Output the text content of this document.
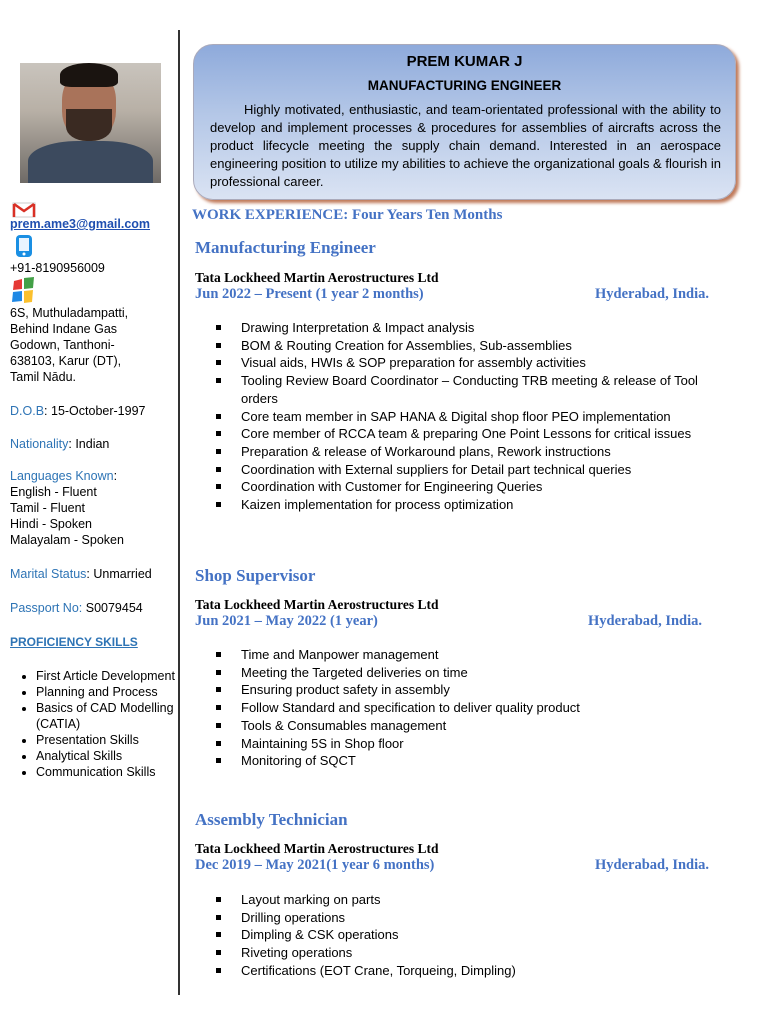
prem.ame3@gmail.com
+91-8190956009
6S, Muthuladampatti,
Behind Indane Gas
Godown, Tanthoni-
638103, Karur (DT),
Tamil Nādu.
D.O.B: 15-October-1997
Nationality: Indian
Languages Known:
English - Fluent
Tamil - Fluent
Hindi - Spoken
Malayalam - Spoken
Marital Status: Unmarried
Passport No: S0079454
PROFICIENCY SKILLS
• First Article Development
• Planning and Process
• Basics of CAD Modelling (CATIA)
• Presentation Skills
• Analytical Skills
• Communication Skills
PREM KUMAR J
MANUFACTURING ENGINEER
Highly motivated, enthusiastic, and team-orientated professional with the ability to develop and implement processes & procedures for assemblies of aircrafts across the product lifecycle meeting the supply chain demand. Interested in an aerospace engineering position to utilize my abilities to achieve the organizational goals & flourish in professional career.
WORK EXPERIENCE: Four Years Ten Months
Manufacturing Engineer
Tata Lockheed Martin Aerostructures Ltd
Jun 2022 – Present (1 year 2 months)	Hyderabad, India.
Drawing Interpretation & Impact analysis
BOM & Routing Creation for Assemblies, Sub-assemblies
Visual aids, HWIs & SOP preparation for assembly activities
Tooling Review Board Coordinator – Conducting TRB meeting & release of Tool orders
Core team member in SAP HANA & Digital shop floor PEO implementation
Core member of RCCA team & preparing One Point Lessons for critical issues
Preparation & release of Workaround plans, Rework instructions
Coordination with External suppliers for Detail part technical queries
Coordination with Customer for Engineering Queries
Kaizen implementation for process optimization
Shop Supervisor
Tata Lockheed Martin Aerostructures Ltd
Jun 2021 – May 2022 (1 year)	Hyderabad, India.
Time and Manpower management
Meeting the Targeted deliveries on time
Ensuring product safety in assembly
Follow Standard and specification to deliver quality product
Tools & Consumables management
Maintaining 5S in Shop floor
Monitoring of SQCT
Assembly Technician
Tata Lockheed Martin Aerostructures Ltd
Dec 2019 – May 2021(1 year 6 months)	Hyderabad, India.
Layout marking on parts
Drilling operations
Dimpling & CSK operations
Riveting operations
Certifications (EOT Crane, Torqueing, Dimpling)
